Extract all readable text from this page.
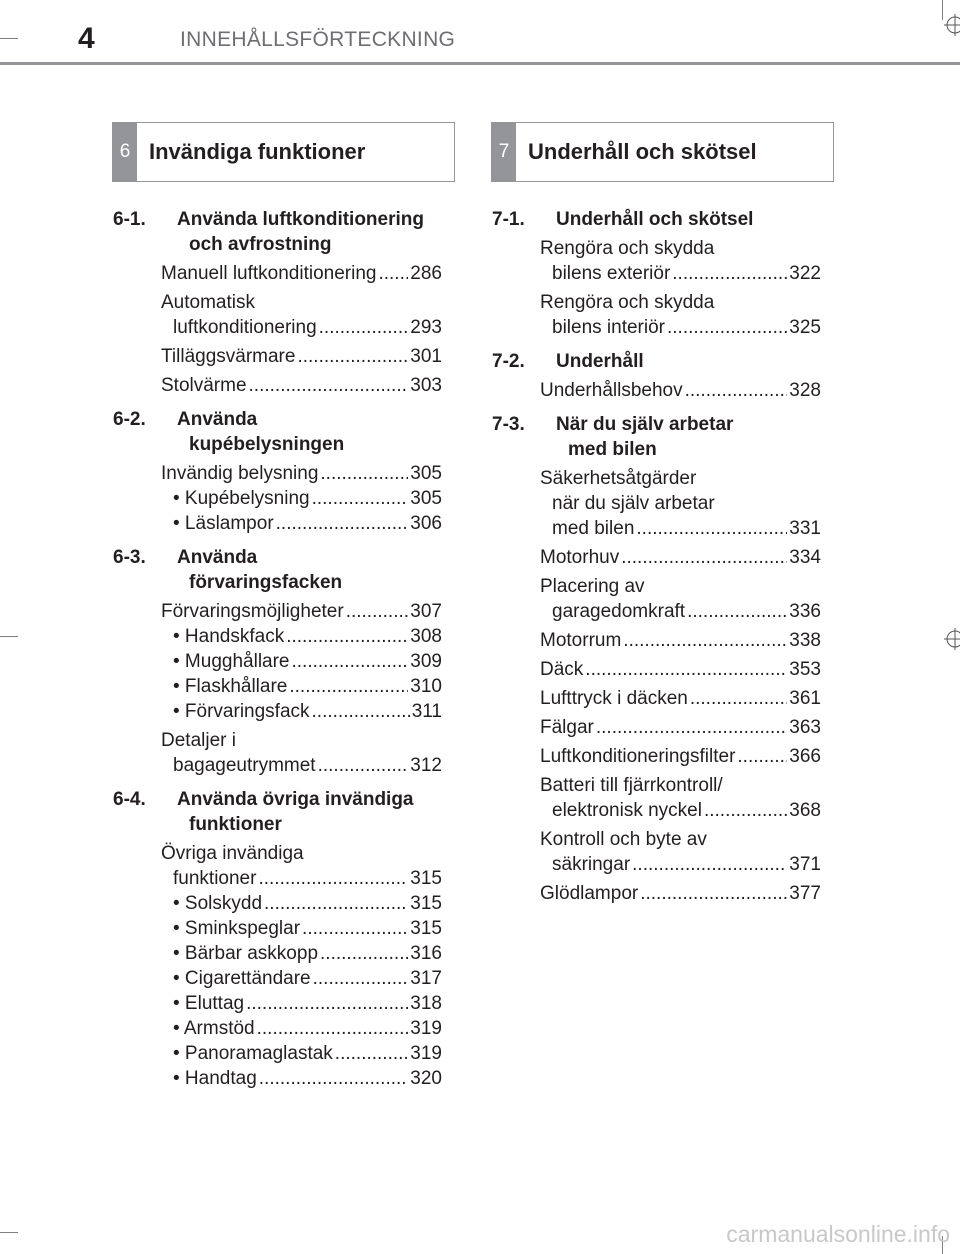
4	INNEHÅLLSFÖRTECKNING
6 Invändiga funktioner	7 Underhåll och skötsel
6-1.	Använda luftkonditionering
och avfrostning
Manuell luftkonditionering ..... 286
Automatisk
luftkonditionering .....	293
Tilläggsvärmare .....	301
Stolvärme .....	303
6-2.	Använda
kupébelysningen
Invändig belysning .....	305
• Kupébelysning .....	305
• Läslampor .....	306
6-3.	Använda
förvaringsfacken
Förvaringsmöjligheter .....	307
• Handskfack .....	308
• Mugghållare .....	309
• Flaskhållare .....	310
• Förvaringsfack .....	311
Detaljer i
bagageutrymmet .....	312
6-4.	Använda övriga invändiga
funktioner
Övriga invändiga
funktioner .....	315
• Solskydd .....	315
• Sminkspeglar .....	315
• Bärbar askkopp .....	316
• Cigarettändare .....	317
• Eluttag .....	318
• Armstöd .....	319
• Panoramaglastak .....	319
• Handtag .....	320
7-1.	Underhåll och skötsel
Rengöra och skydda
bilens exteriör .....	322
Rengöra och skydda
bilens interiör .....	325
7-2.	Underhåll
Underhållsbehov .....	328
7-3.	När du själv arbetar
med bilen
Säkerhetsåtgärder
när du själv arbetar
med bilen .....	331
Motorhuv .....	334
Placering av
garagedomkraft .....	336
Motorrum .....	338
Däck .....	353
Lufttryck i däcken .....	361
Fälgar .....	363
Luftkonditioneringsfilter .....	366
Batteri till fjärrkontroll/
elektronisk nyckel .....	368
Kontroll och byte av
säkringar .....	371
Glödlampor .....	377
carmanualsonline.info
